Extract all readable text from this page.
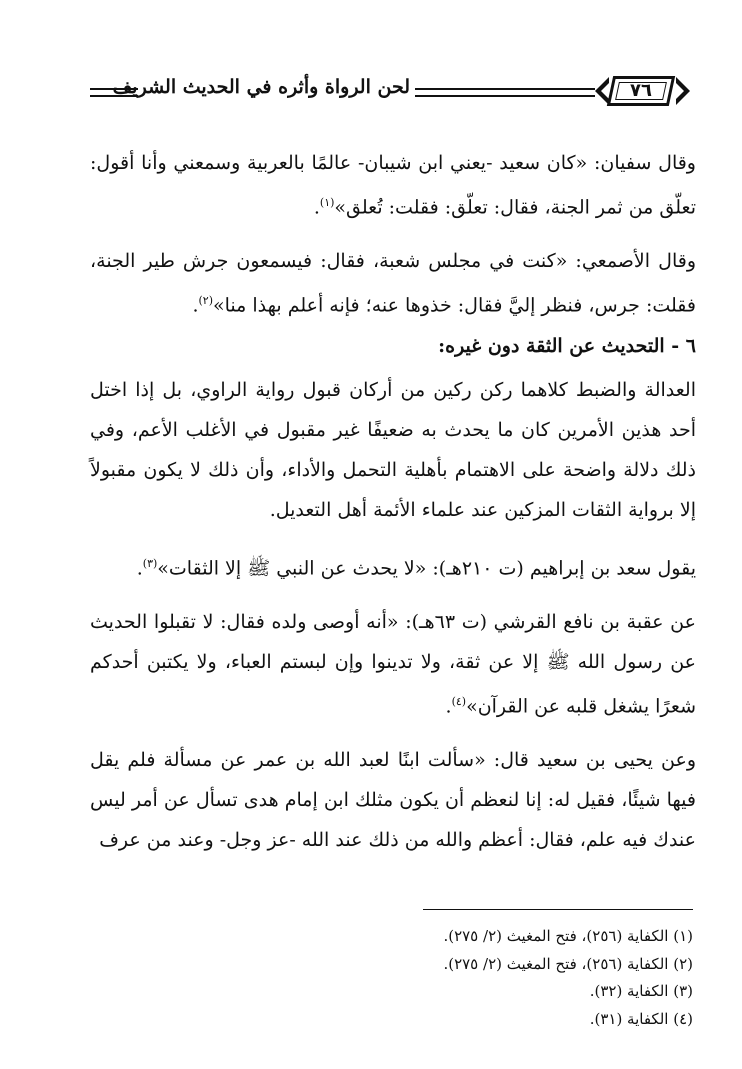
لحن الرواة وأثره في الحديث الشريف	٧٦

وقال سفيان: «كان سعيد -يعني ابن شيبان- عالمًا بالعربية وسمعني وأنا أقول: تعلّق من ثمر الجنة، فقال: تعلّق: فقلت: تُعلق»$^{(١)}$.

وقال الأصمعي: «كنت في مجلس شعبة، فقال: فيسمعون جرش طير الجنة، فقلت: جرس، فنظر إليَّ فقال: خذوها عنه؛ فإنه أعلم بهذا منا»$^{(٢)}$.

٦ - التحديث عن الثقة دون غيره:

العدالة والضبط كلاهما ركن ركين من أركان قبول رواية الراوي، بل إذا اختل أحد هذين الأمرين كان ما يحدث به ضعيفًا غير مقبول في الأغلب الأعم، وفي ذلك دلالة واضحة على الاهتمام بأهلية التحمل والأداء، وأن ذلك لا يكون مقبولاً إلا برواية الثقات المزكين عند علماء الأئمة أهل التعديل.

يقول سعد بن إبراهيم (ت ٢١٠هـ): «لا يحدث عن النبي ﷺ إلا الثقات»$^{(٣)}$.

عن عقبة بن نافع القرشي (ت ٦٣هـ): «أنه أوصى ولده فقال: لا تقبلوا الحديث عن رسول الله ﷺ إلا عن ثقة، ولا تدينوا وإن لبستم العباء، ولا يكتبن أحدكم شعرًا يشغل قلبه عن القرآن»$^{(٤)}$.

وعن يحيى بن سعيد قال: «سألت ابنًا لعبد الله بن عمر عن مسألة فلم يقل فيها شيئًا، فقيل له: إنا لنعظم أن يكون مثلك ابن إمام هدى تسأل عن أمر ليس عندك فيه علم، فقال: أعظم والله من ذلك عند الله -عز وجل- وعند من عرف

(١) الكفاية (٢٥٦)، فتح المغيث (٢/ ٢٧٥).

(٢) الكفاية (٢٥٦)، فتح المغيث (٢/ ٢٧٥).

(٣) الكفاية (٣٢).

(٤) الكفاية (٣١).
